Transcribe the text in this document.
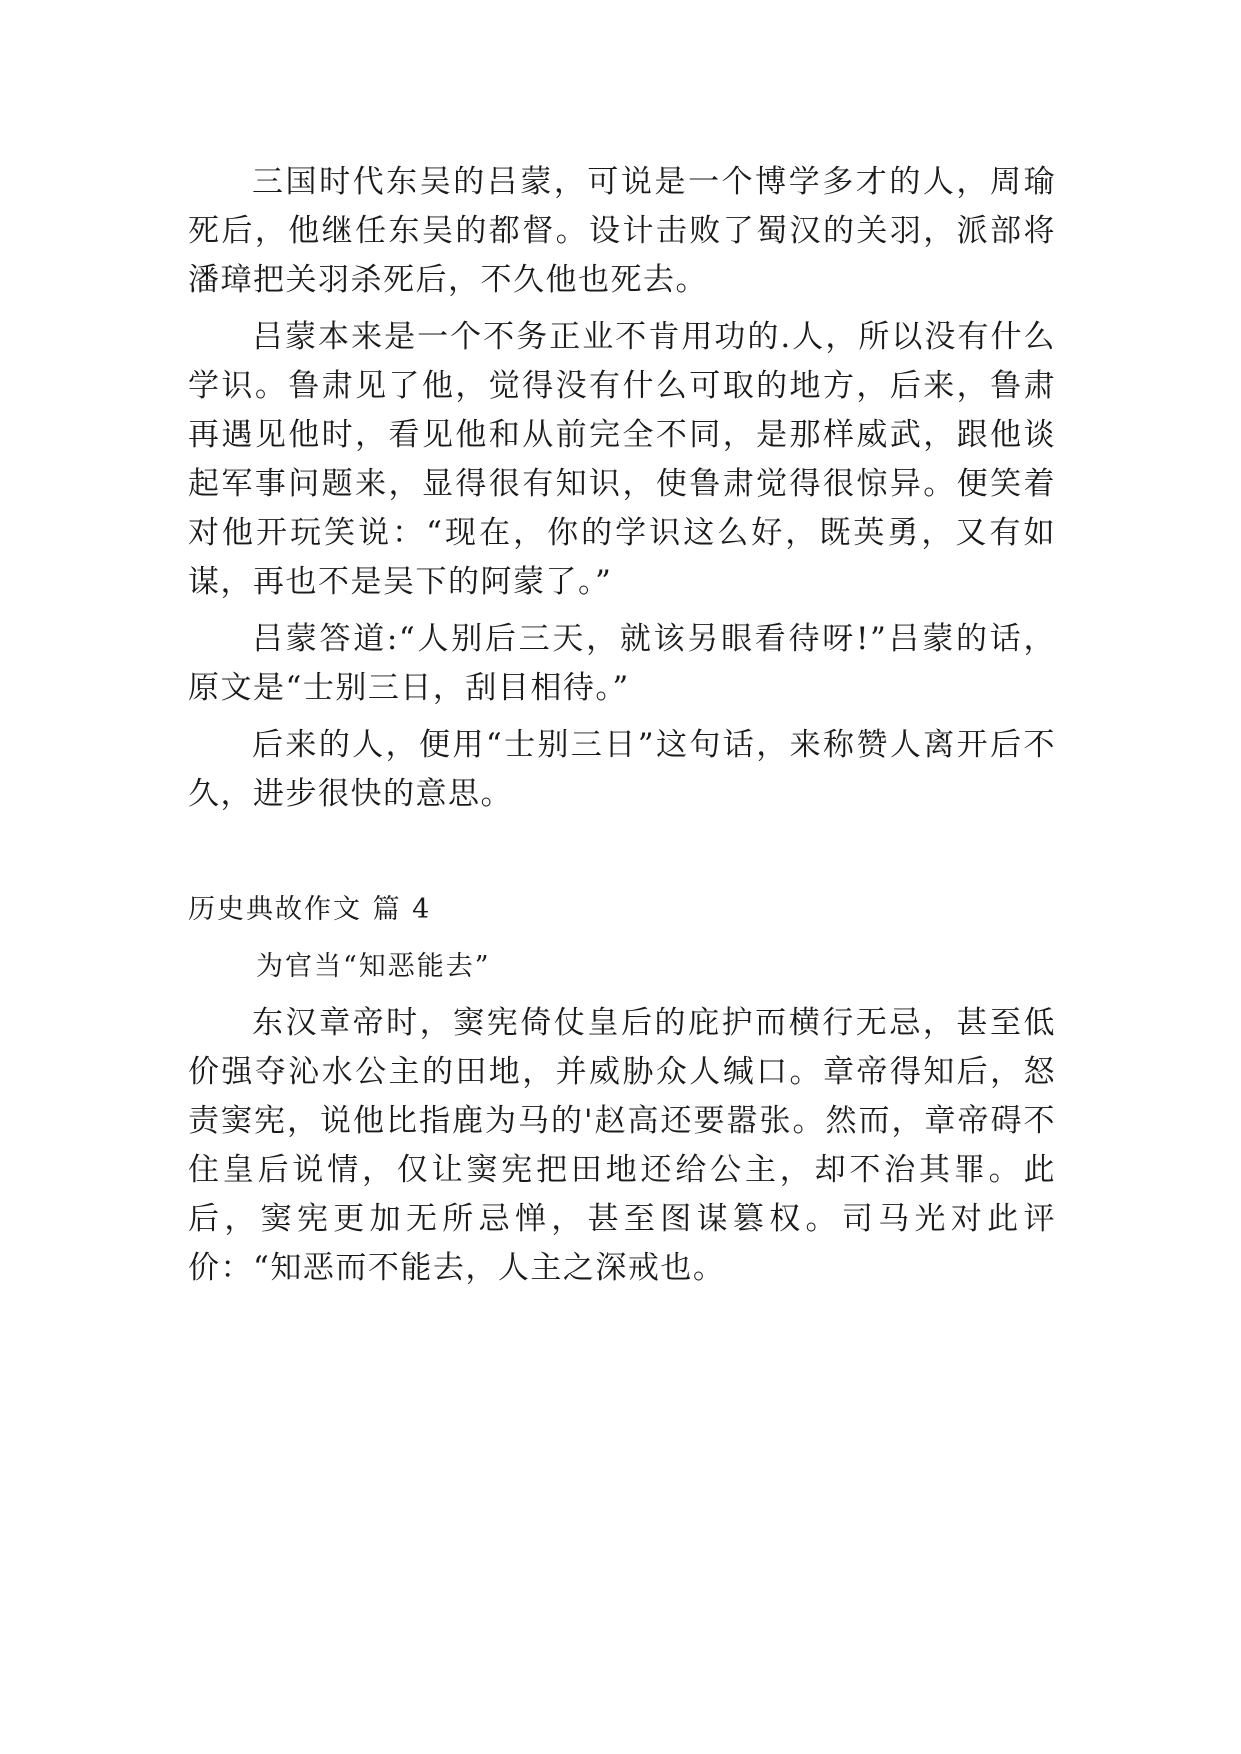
三国时代东吴的吕蒙，可说是一个博学多才的人，周瑜死后，他继任东吴的都督。设计击败了蜀汉的关羽，派部将潘璋把关羽杀死后，不久他也死去。

吕蒙本来是一个不务正业不肯用功的.人，所以没有什么学识。鲁肃见了他，觉得没有什么可取的地方，后来，鲁肃再遇见他时，看见他和从前完全不同，是那样威武，跟他谈起军事问题来，显得很有知识，使鲁肃觉得很惊异。便笑着对他开玩笑说：“现在，你的学识这么好，既英勇，又有如谋，再也不是吴下的阿蒙了。”

吕蒙答道:“人别后三天，就该另眼看待呀!”吕蒙的话，原文是“士别三日，刮目相待。”

后来的人，便用“士别三日”这句话，来称赞人离开后不久，进步很快的意思。

历史典故作文 篇 4
为官当“知恶能去”

东汉章帝时，窦宪倚仗皇后的庇护而横行无忌，甚至低价强夺沁水公主的田地，并威胁众人缄口。章帝得知后，怒责窦宪，说他比指鹿为马的'赵高还要嚣张。然而，章帝碍不住皇后说情，仅让窦宪把田地还给公主，却不治其罪。此后，窦宪更加无所忌惮，甚至图谋篡权。司马光对此评价：“知恶而不能去，人主之深戒也。
